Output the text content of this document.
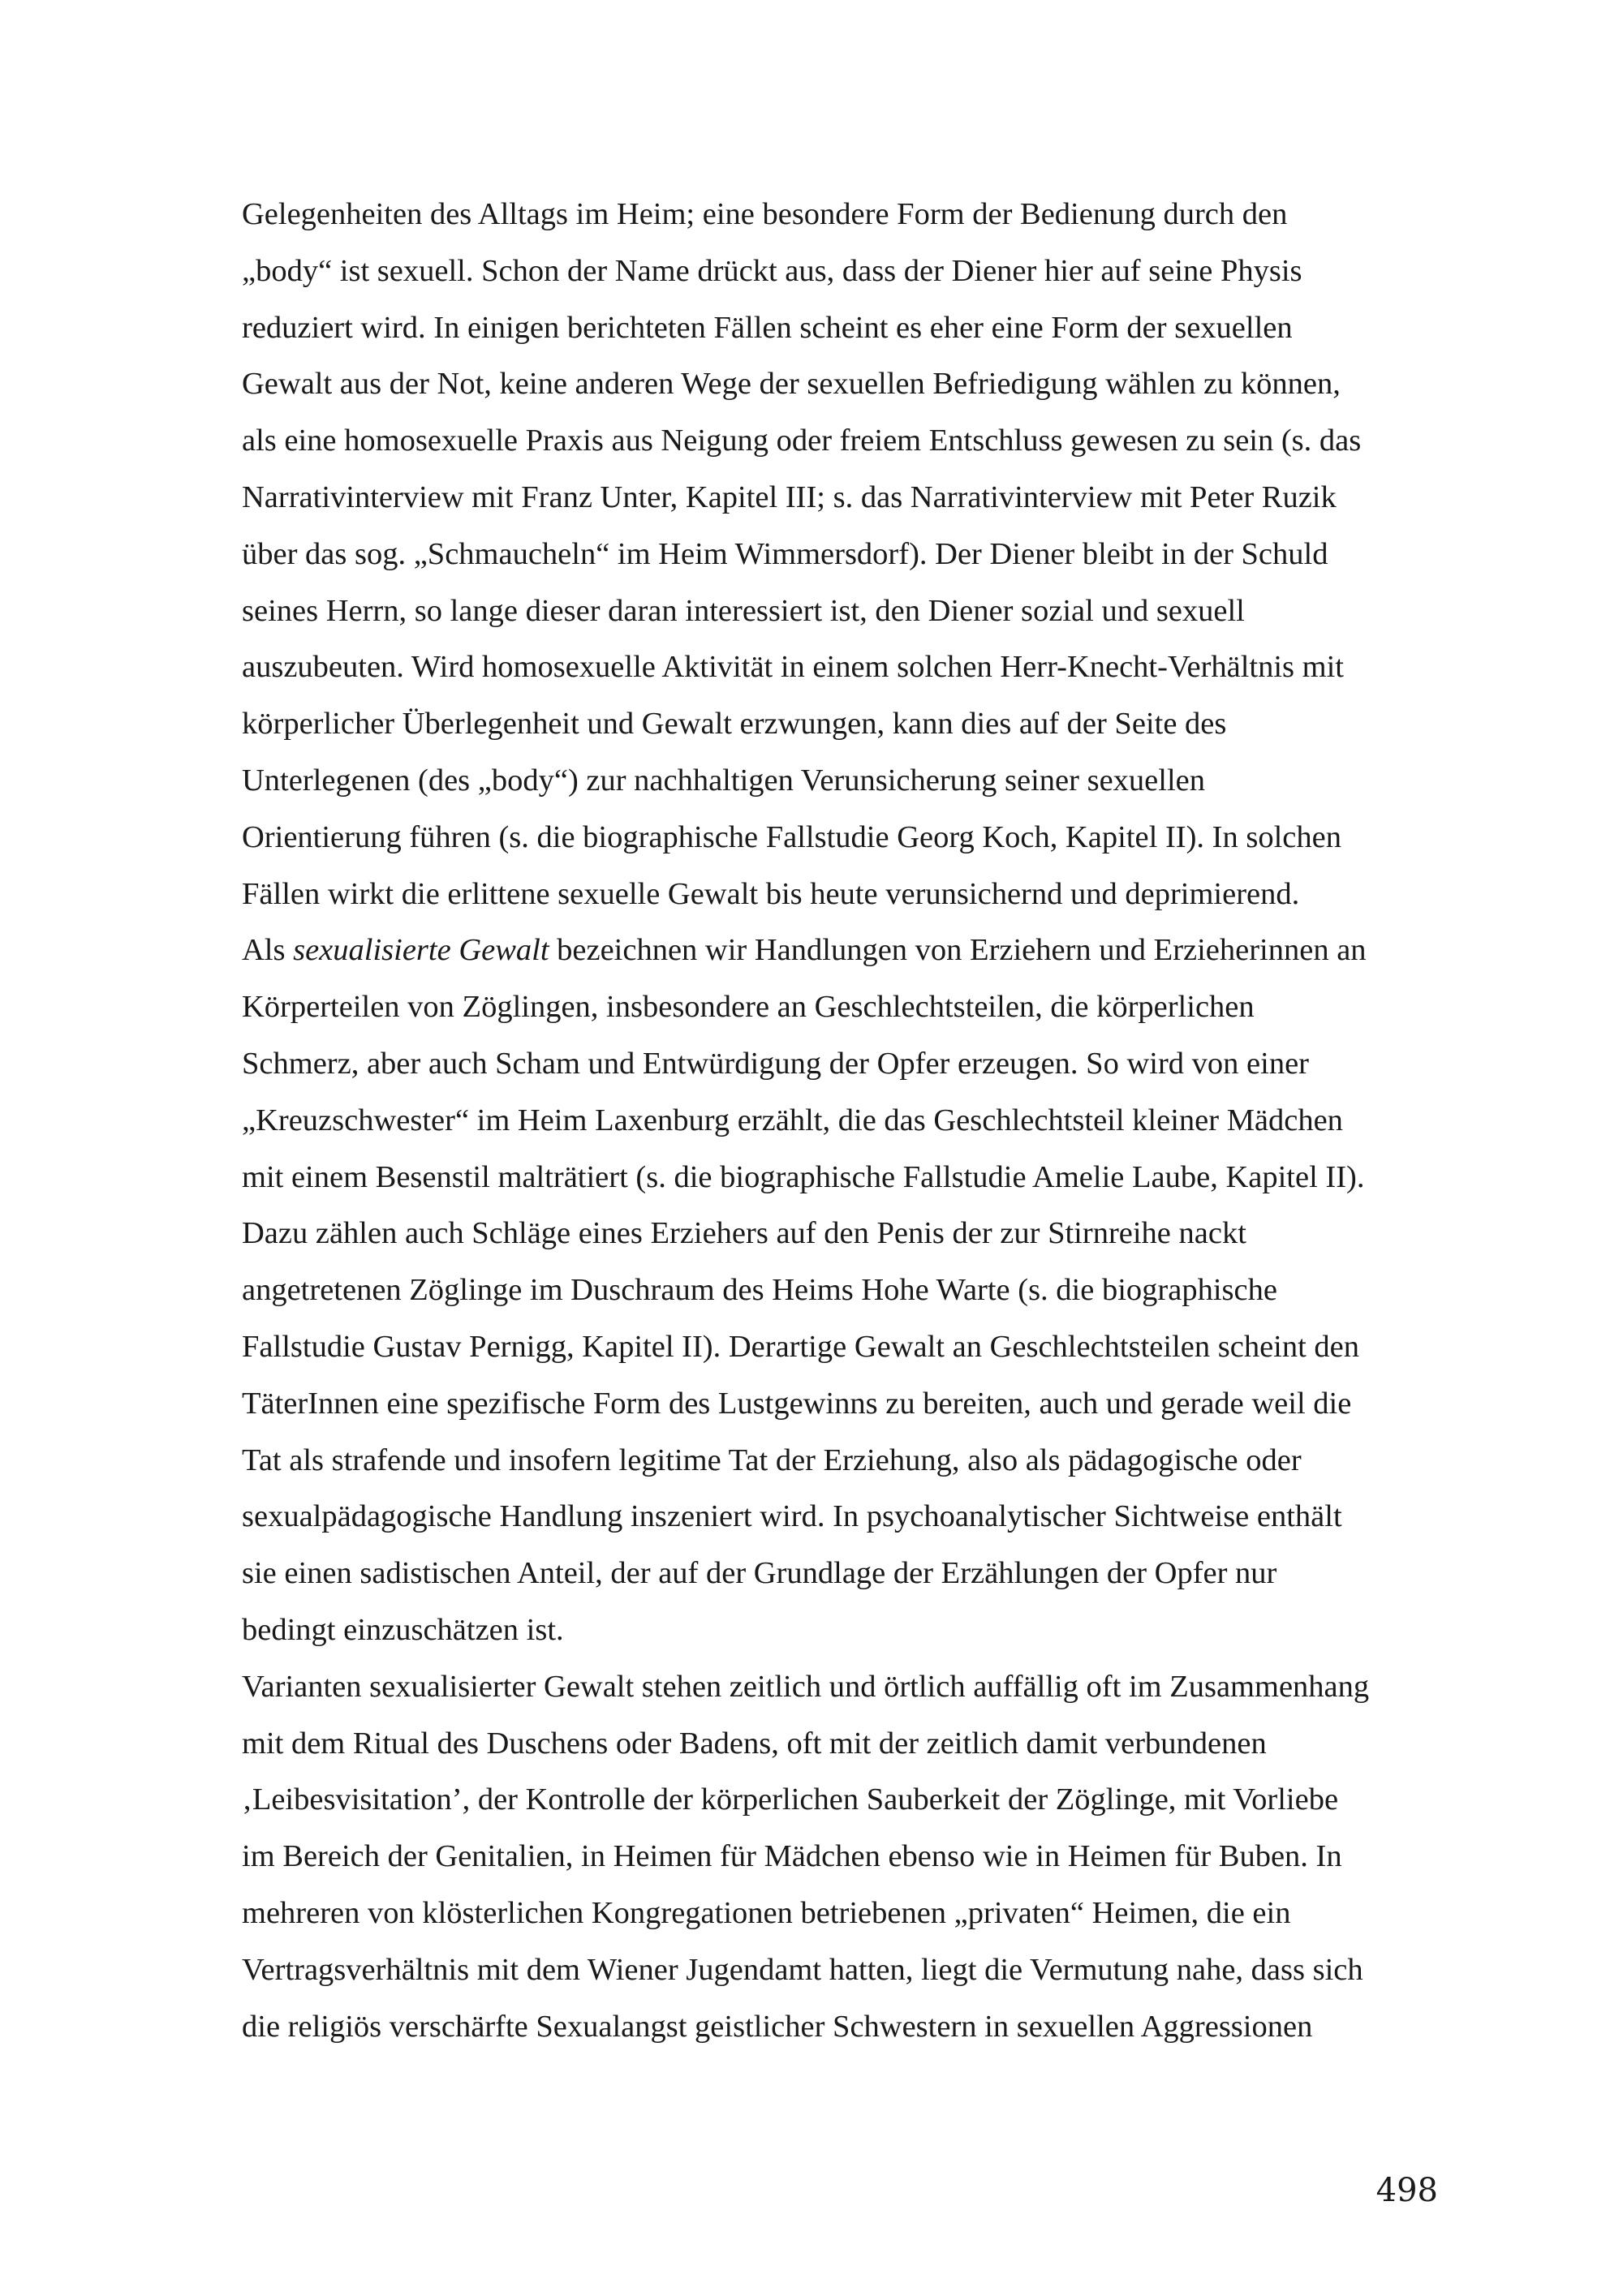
Gelegenheiten des Alltags im Heim; eine besondere Form der Bedienung durch den
„body“ ist sexuell. Schon der Name drückt aus, dass der Diener hier auf seine Physis
reduziert wird. In einigen berichteten Fällen scheint es eher eine Form der sexuellen
Gewalt aus der Not, keine anderen Wege der sexuellen Befriedigung wählen zu können,
als eine homosexuelle Praxis aus Neigung oder freiem Entschluss gewesen zu sein (s. das
Narrativinterview mit Franz Unter, Kapitel III; s. das Narrativinterview mit Peter Ruzik
über das sog. „Schmaucheln“ im Heim Wimmersdorf). Der Diener bleibt in der Schuld
seines Herrn, so lange dieser daran interessiert ist, den Diener sozial und sexuell
auszubeuten. Wird homosexuelle Aktivität in einem solchen Herr-Knecht-Verhältnis mit
körperlicher Überlegenheit und Gewalt erzwungen, kann dies auf der Seite des
Unterlegenen (des „body“) zur nachhaltigen Verunsicherung seiner sexuellen
Orientierung führen (s. die biographische Fallstudie Georg Koch, Kapitel II). In solchen
Fällen wirkt die erlittene sexuelle Gewalt bis heute verunsichernd und deprimierend.
Als sexualisierte Gewalt bezeichnen wir Handlungen von Erziehern und Erzieherinnen an
Körperteilen von Zöglingen, insbesondere an Geschlechtsteilen, die körperlichen
Schmerz, aber auch Scham und Entwürdigung der Opfer erzeugen. So wird von einer
„Kreuzschwester“ im Heim Laxenburg erzählt, die das Geschlechtsteil kleiner Mädchen
mit einem Besenstil malträtiert (s. die biographische Fallstudie Amelie Laube, Kapitel II).
Dazu zählen auch Schläge eines Erziehers auf den Penis der zur Stirnreihe nackt
angetretenen Zöglinge im Duschraum des Heims Hohe Warte (s. die biographische
Fallstudie Gustav Pernigg, Kapitel II). Derartige Gewalt an Geschlechtsteilen scheint den
TäterInnen eine spezifische Form des Lustgewinns zu bereiten, auch und gerade weil die
Tat als strafende und insofern legitime Tat der Erziehung, also als pädagogische oder
sexualpädagogische Handlung inszeniert wird. In psychoanalytischer Sichtweise enthält
sie einen sadistischen Anteil, der auf der Grundlage der Erzählungen der Opfer nur
bedingt einzuschätzen ist.
Varianten sexualisierter Gewalt stehen zeitlich und örtlich auffällig oft im Zusammenhang
mit dem Ritual des Duschens oder Badens, oft mit der zeitlich damit verbundenen
‚Leibesvisitation’, der Kontrolle der körperlichen Sauberkeit der Zöglinge, mit Vorliebe
im Bereich der Genitalien, in Heimen für Mädchen ebenso wie in Heimen für Buben. In
mehreren von klösterlichen Kongregationen betriebenen „privaten“ Heimen, die ein
Vertragsverhältnis mit dem Wiener Jugendamt hatten, liegt die Vermutung nahe, dass sich
die religiös verschärfte Sexualangst geistlicher Schwestern in sexuellen Aggressionen
498
